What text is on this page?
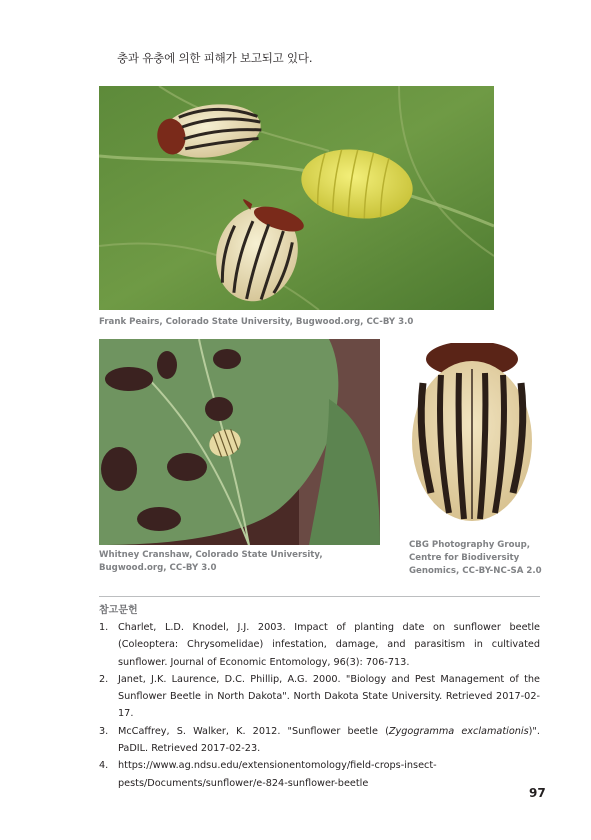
충과 유충에 의한 피해가 보고되고 있다.
Frank Peairs, Colorado State University, Bugwood.org, CC-BY 3.0
Whitney Cranshaw, Colorado State University,
Bugwood.org, CC-BY 3.0
CBG Photography Group,
Centre for Biodiversity
Genomics, CC-BY-NC-SA 2.0
참고문헌
1. Charlet, L.D. Knodel, J.J. 2003. Impact of planting date on sunflower beetle (Coleoptera: Chrysomelidae) infestation, damage, and parasitism in cultivated sunflower. Journal of Economic Entomology, 96(3): 706-713.
2. Janet, J.K. Laurence, D.C. Phillip, A.G. 2000. "Biology and Pest Management of the Sunflower Beetle in North Dakota". North Dakota State University. Retrieved 2017-02-17.
3. McCaffrey, S. Walker, K. 2012. "Sunflower beetle (Zygogramma exclamationis)". PaDIL. Retrieved 2017-02-23.
4. https://www.ag.ndsu.edu/extensionentomology/field-crops-insect-pests/Documents/sunflower/e-824-sunflower-beetle
97
